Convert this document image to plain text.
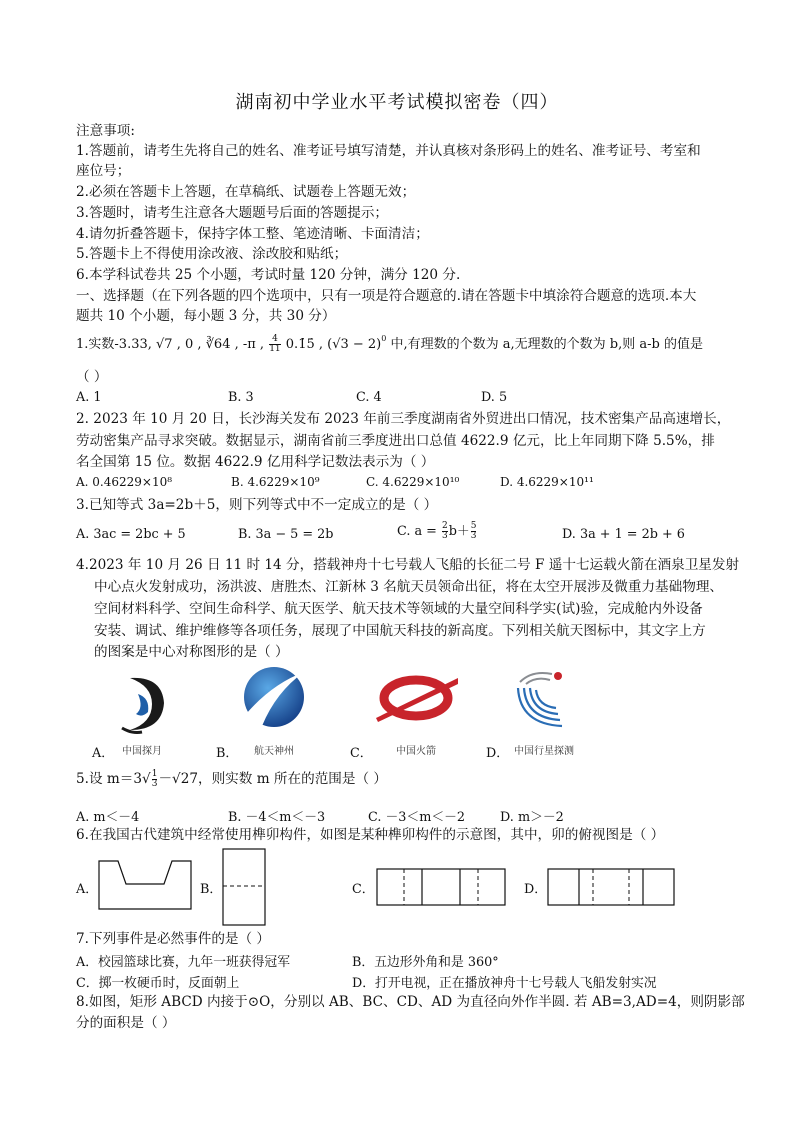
湖南初中学业水平考试模拟密卷（四）
注意事项:
1.答题前，请考生先将自己的姓名、准考证号填写清楚，并认真核对条形码上的姓名、准考证号、考室和
座位号；
2.必须在答题卡上答题，在草稿纸、试题卷上答题无效；
3.答题时，请考生注意各大题题号后面的答题提示；
4.请勿折叠答题卡，保持字体工整、笔迹清晰、卡面清洁；
5.答题卡上不得使用涂改液、涂改胶和贴纸；
6.本学科试卷共 25 个小题，考试时量 120 分钟，满分 120 分.
一、选择题（在下列各题的四个选项中，只有一项是符合题意的.请在答题卡中填涂符合题意的选项.本大
题共 10 个小题，每小题 3 分，共 30 分）
1.实数-3.33, √7 , 0 , ∛64 , -π , $\frac{4}{11}$ 0.1̇5̇ , $(√3 - 2)^0$ 中,有理数的个数为 a,无理数的个数为 b,则 a-b 的值是
（ ）
A. 1	B. 3	C. 4	D. 5
2. 2023 年 10 月 20 日，长沙海关发布 2023 年前三季度湖南省外贸进出口情况，技术密集产品高速增长，
劳动密集产品寻求突破。数据显示，湖南省前三季度进出口总值 4622.9 亿元，比上年同期下降 5.5%，排
名全国第 15 位。数据 4622.9 亿用科学记数法表示为（ ）
A. 0.46229×10⁸	B. 4.6229×10⁹	C. 4.6229×10¹⁰	D. 4.6229×10¹¹
3.已知等式 3a=2b＋5，则下列等式中不一定成立的是（ ）
A. 3ac = 2bc + 5	B. 3a − 5 = 2b	C. $a = \frac{2}{3} b+ \frac{5}{3}$	D. 3a + 1 = 2b + 6
4.2023 年 10 月 26 日 11 时 14 分，搭载神舟十七号载人飞船的长征二号 F 遥十七运载火箭在酒泉卫星发射
中心点火发射成功，汤洪波、唐胜杰、江新林 3 名航天员领命出征，将在太空开展涉及微重力基础物理、
空间材料科学、空间生命科学、航天医学、航天技术等领域的大量空间科学实(试)验，完成舱内外设备
安装、调试、维护维修等各项任务，展现了中国航天科技的新高度。下列相关航天图标中，其文字上方
的图案是中心对称图形的是（ ）
A． 中国探月	B． 航天神州	C． 中国火箭	D． 中国行星探测
5.设 $m=3√ \frac{1}{3} -√27$，则实数 m 所在的范围是（ ）
A. m＜－4	B. －4＜m＜－3	C. －3＜m＜－2	D. m＞－2
6.在我国古代建筑中经常使用榫卯构件，如图是某种榫卯构件的示意图，其中，卯的俯视图是（ ）
A．	B．	C．	D．
7.下列事件是必然事件的是（ ）
A．校园篮球比赛，九年一班获得冠军	B．五边形外角和是 360°
C．掷一枚硬币时，反面朝上	D．打开电视，正在播放神舟十七号载人飞船发射实况
8.如图，矩形 ABCD 内接于⊙O，分别以 AB、BC、CD、AD 为直径向外作半圆. 若 AB=3,AD=4，则阴影部
分的面积是（ ）
